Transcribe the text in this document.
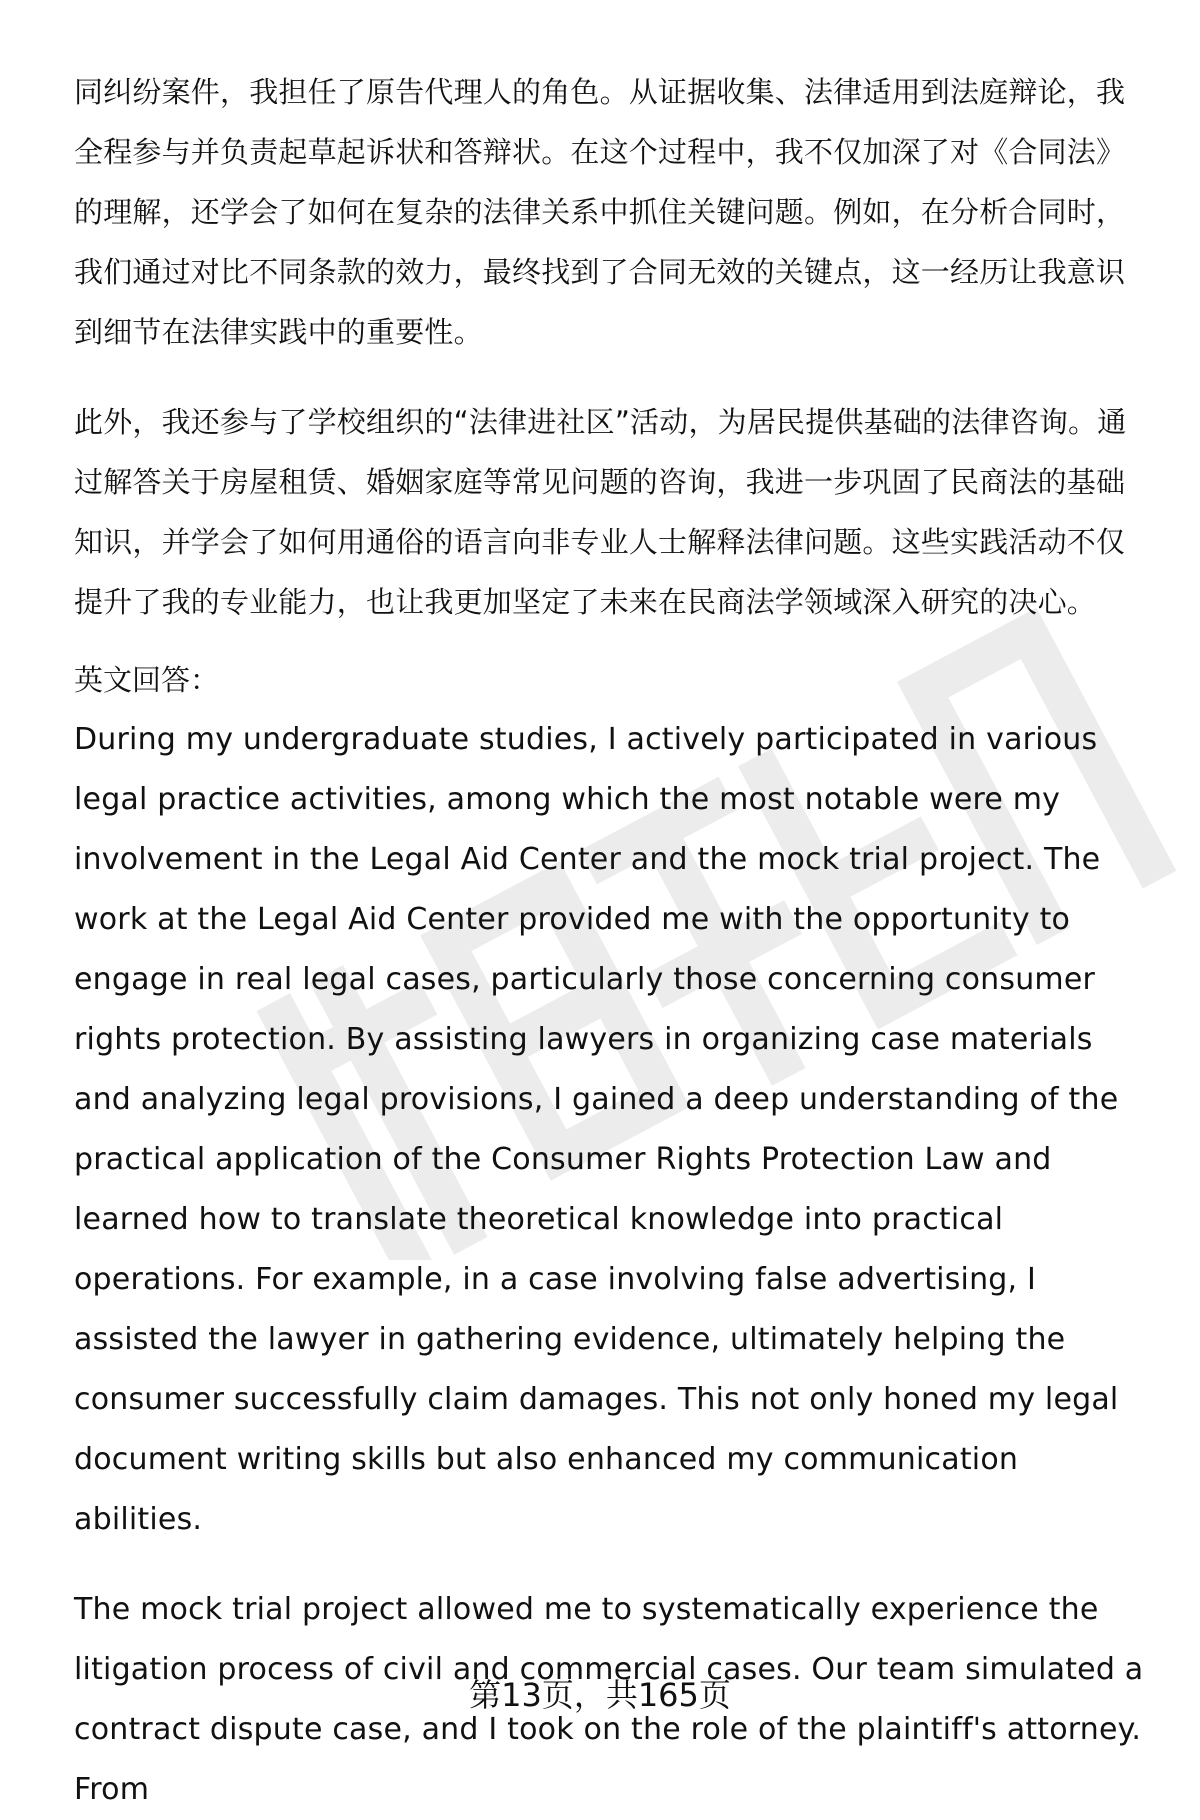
同纠纷案件，我担任了原告代理人的角色。从证据收集、法律适用到法庭辩论，我全程参与并负责起草起诉状和答辩状。在这个过程中，我不仅加深了对《合同法》的理解，还学会了如何在复杂的法律关系中抓住关键问题。例如，在分析合同时，我们通过对比不同条款的效力，最终找到了合同无效的关键点，这一经历让我意识到细节在法律实践中的重要性。

此外，我还参与了学校组织的“法律进社区”活动，为居民提供基础的法律咨询。通过解答关于房屋租赁、婚姻家庭等常见问题的咨询，我进一步巩固了民商法的基础知识，并学会了如何用通俗的语言向非专业人士解释法律问题。这些实践活动不仅提升了我的专业能力，也让我更加坚定了未来在民商法学领域深入研究的决心。

英文回答：

During my undergraduate studies, I actively participated in various legal practice activities, among which the most notable were my involvement in the Legal Aid Center and the mock trial project. The work at the Legal Aid Center provided me with the opportunity to engage in real legal cases, particularly those concerning consumer rights protection. By assisting lawyers in organizing case materials and analyzing legal provisions, I gained a deep understanding of the practical application of the Consumer Rights Protection Law and learned how to translate theoretical knowledge into practical operations. For example, in a case involving false advertising, I assisted the lawyer in gathering evidence, ultimately helping the consumer successfully claim damages. This not only honed my legal document writing skills but also enhanced my communication abilities.

The mock trial project allowed me to systematically experience the litigation process of civil and commercial cases. Our team simulated a contract dispute case, and I took on the role of the plaintiff's attorney. From

第13页，共165页
